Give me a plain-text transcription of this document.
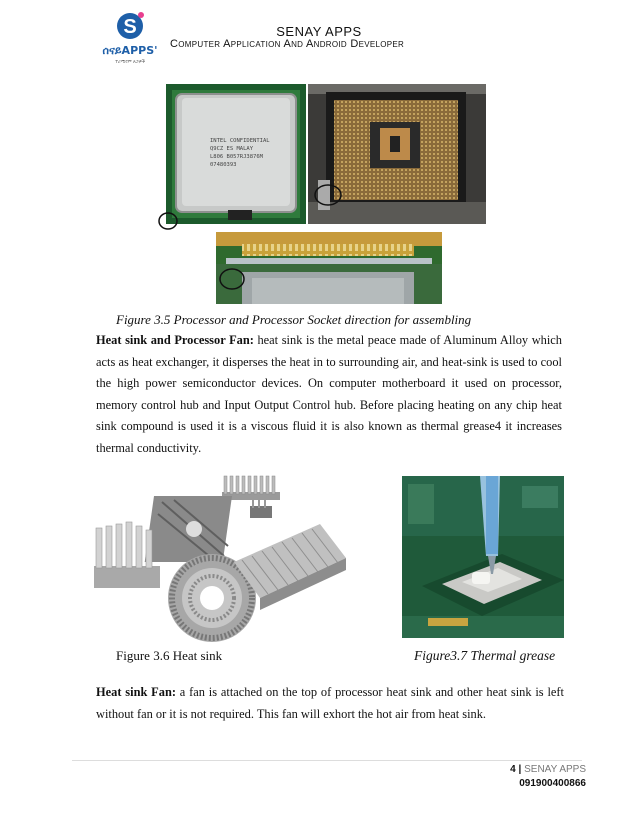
S
ሰናይAPPS'
ፕሪሚየም ጸጋዎች
SENAY APPS
Computer Application And Android Developer
INTEL CONFIDENTIAL
Q9CZ ES MALAY
L806 B057RJ3876M
07480393
Figure 3.5 Processor and Processor Socket direction for assembling
Heat sink and Processor Fan: heat sink is the metal peace made of Aluminum Alloy which acts as heat exchanger, it disperses the heat in to surrounding air, and heat-sink is used to cool the high power semiconductor devices. On computer motherboard it used on processor, memory control hub and Input Output Control hub. Before placing heating on any chip heat sink compound is used it is a viscous fluid it is also known as thermal grease4 it increases thermal conductivity.
Figure 3.6 Heat sink	Figure3.7 Thermal grease
Heat sink Fan: a fan is attached on the top of processor heat sink and other heat sink is left without fan or it is not required. This fan will exhort the hot air from heat sink.
4 | SENAY APPS
091900400866
